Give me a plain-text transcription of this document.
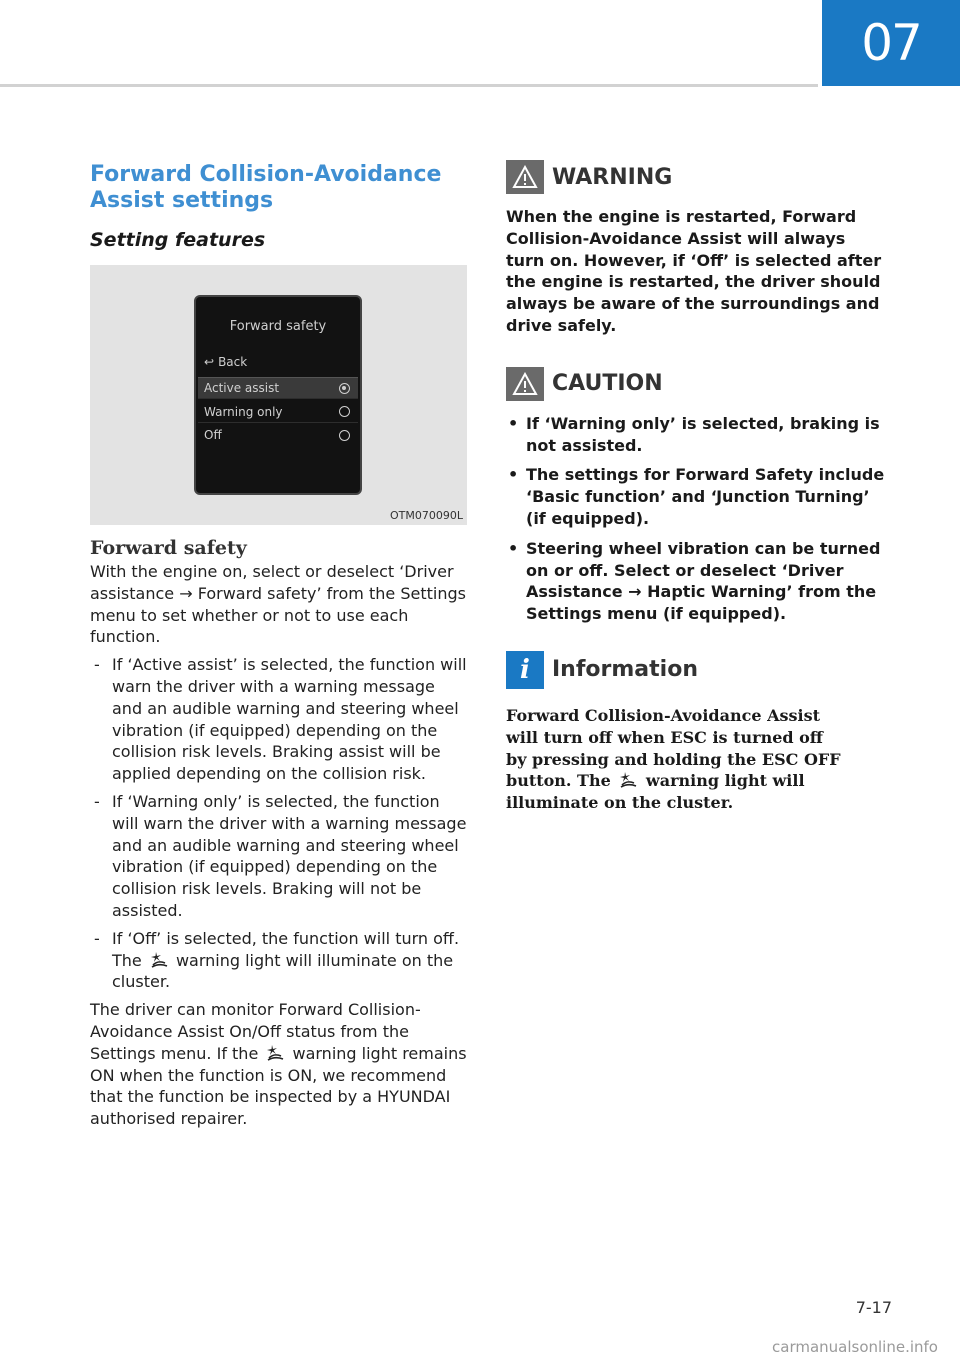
07
Forward Collision-Avoidance
Assist settings
Setting features
Forward safety
↩ Back
Active assist
Warning only
Off
OTM070090L
Forward safety

With the engine on, select or deselect ‘Driver assistance → Forward safety’ from the Settings menu to set whether or not to use each function.

- If ‘Active assist’ is selected, the function will warn the driver with a warning message and an audible warning and steering wheel vibration (if equipped) depending on the collision risk levels. Braking assist will be applied depending on the collision risk.
- If ‘Warning only’ is selected, the function will warn the driver with a warning message and an audible warning and steering wheel vibration (if equipped) depending on the collision risk levels. Braking will not be assisted.
- If ‘Off’ is selected, the function will turn off. The warning light will illuminate on the cluster.

The driver can monitor Forward Collision-Avoidance Assist On/Off status from the Settings menu. If the warning light remains ON when the function is ON, we recommend that the function be inspected by a HYUNDAI authorised repairer.

WARNING

When the engine is restarted, Forward Collision-Avoidance Assist will always turn on. However, if ‘Off’ is selected after the engine is restarted, the driver should always be aware of the surroundings and drive safely.

CAUTION
• If ‘Warning only’ is selected, braking is not assisted.
• The settings for Forward Safety include ‘Basic function’ and ‘Junction Turning’ (if equipped).
• Steering wheel vibration can be turned on or off. Select or deselect ‘Driver Assistance → Haptic Warning’ from the Settings menu (if equipped).
i	Information

Forward Collision-Avoidance Assist will turn off when ESC is turned off by pressing and holding the ESC OFF button. The warning light will illuminate on the cluster.

7-17
carmanualsonline.info
